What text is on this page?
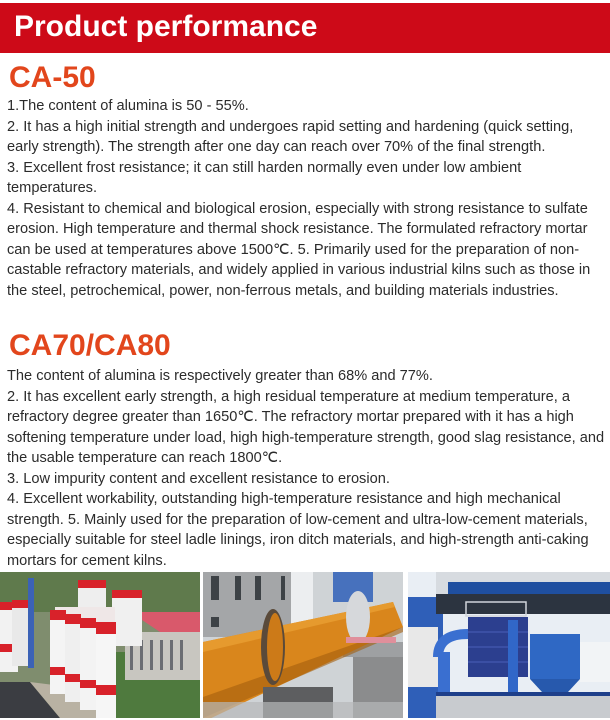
Product performance
CA-50

1.The content of alumina is 50 - 55%.

2. It has a high initial strength and undergoes rapid setting and hardening (quick setting, early strength). The strength after one day can reach over 70% of the final strength.

3. Excellent frost resistance; it can still harden normally even under low ambient temperatures.

4. Resistant to chemical and biological erosion, especially with strong resistance to sulfate erosion. High temperature and thermal shock resistance. The formulated refractory mortar can be used at temperatures above 1500℃. 5. Primarily used for the preparation of non-castable refractory materials, and widely applied in various industrial kilns such as those in the steel, petrochemical, power, non-ferrous metals, and building materials industries.

CA70/CA80

The content of alumina is respectively greater than 68% and 77%.

2. It has excellent early strength, a high residual temperature at medium temperature, a refractory degree greater than 1650℃. The refractory mortar prepared with it has a high softening temperature under load, high high-temperature strength, good slag resistance, and the usable temperature can reach 1800℃.

3. Low impurity content and excellent resistance to erosion.

4. Excellent workability, outstanding high-temperature resistance and high mechanical strength. 5. Mainly used for the preparation of low-cement and ultra-low-cement materials, especially suitable for steel ladle linings, iron ditch materials, and high-strength anti-caking mortars for cement kilns.
